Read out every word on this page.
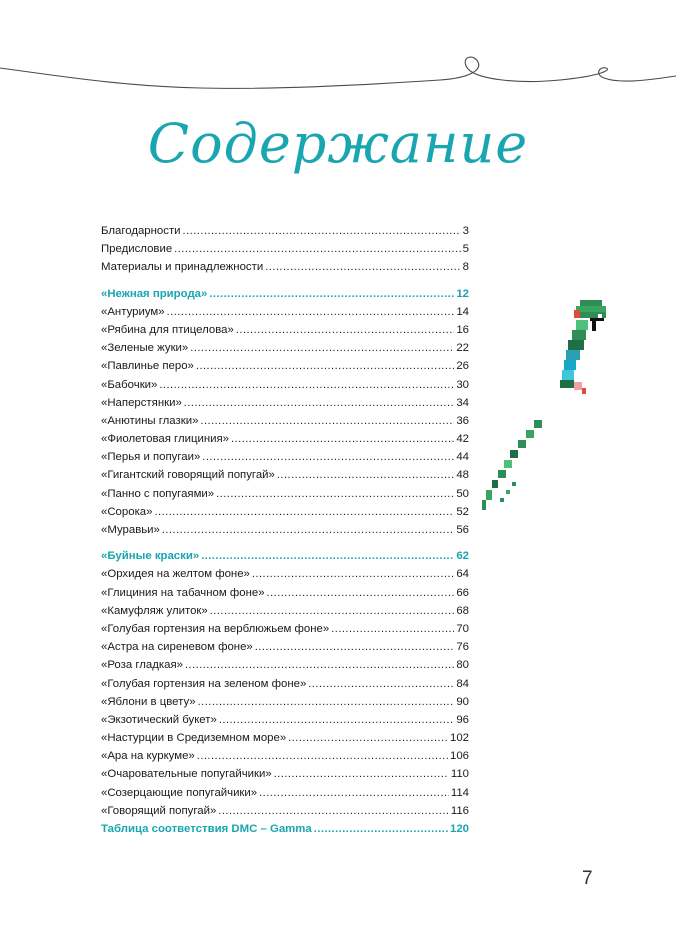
Содержание
Благодарности .....	3
Предисловие .....	5
Материалы и принадлежности .....	8
«Нежная природа» .....	12
«Антуриум» .....	14
«Рябина для птицелова» .....	16
«Зеленые жуки» .....	22
«Павлинье перо» .....	26
«Бабочки» .....	30
«Наперстянки» .....	34
«Анютины глазки» .....	36
«Фиолетовая глициния» .....	42
«Перья и попугаи» .....	44
«Гигантский говорящий попугай» .....	48
«Панно с попугаями» .....	50
«Сорока» .....	52
«Муравьи» .....	56
«Буйные краски» .....	62
«Орхидея на желтом фоне» .....	64
«Глициния на табачном фоне» .....	66
«Камуфляж улиток» .....	68
«Голубая гортензия на верблюжьем фоне» .....	70
«Астра на сиреневом фоне» .....	76
«Роза гладкая» .....	80
«Голубая гортензия на зеленом фоне» .....	84
«Яблони в цвету» .....	90
«Экзотический букет» .....	96
«Настурции в Средиземном море» .....	102
«Ара на куркуме» .....	106
«Очаровательные попугайчики» .....	110
«Созерцающие попугайчики» .....	114
«Говорящий попугай» .....	116
Таблица соответствия DMC – Gamma .....	120
7
